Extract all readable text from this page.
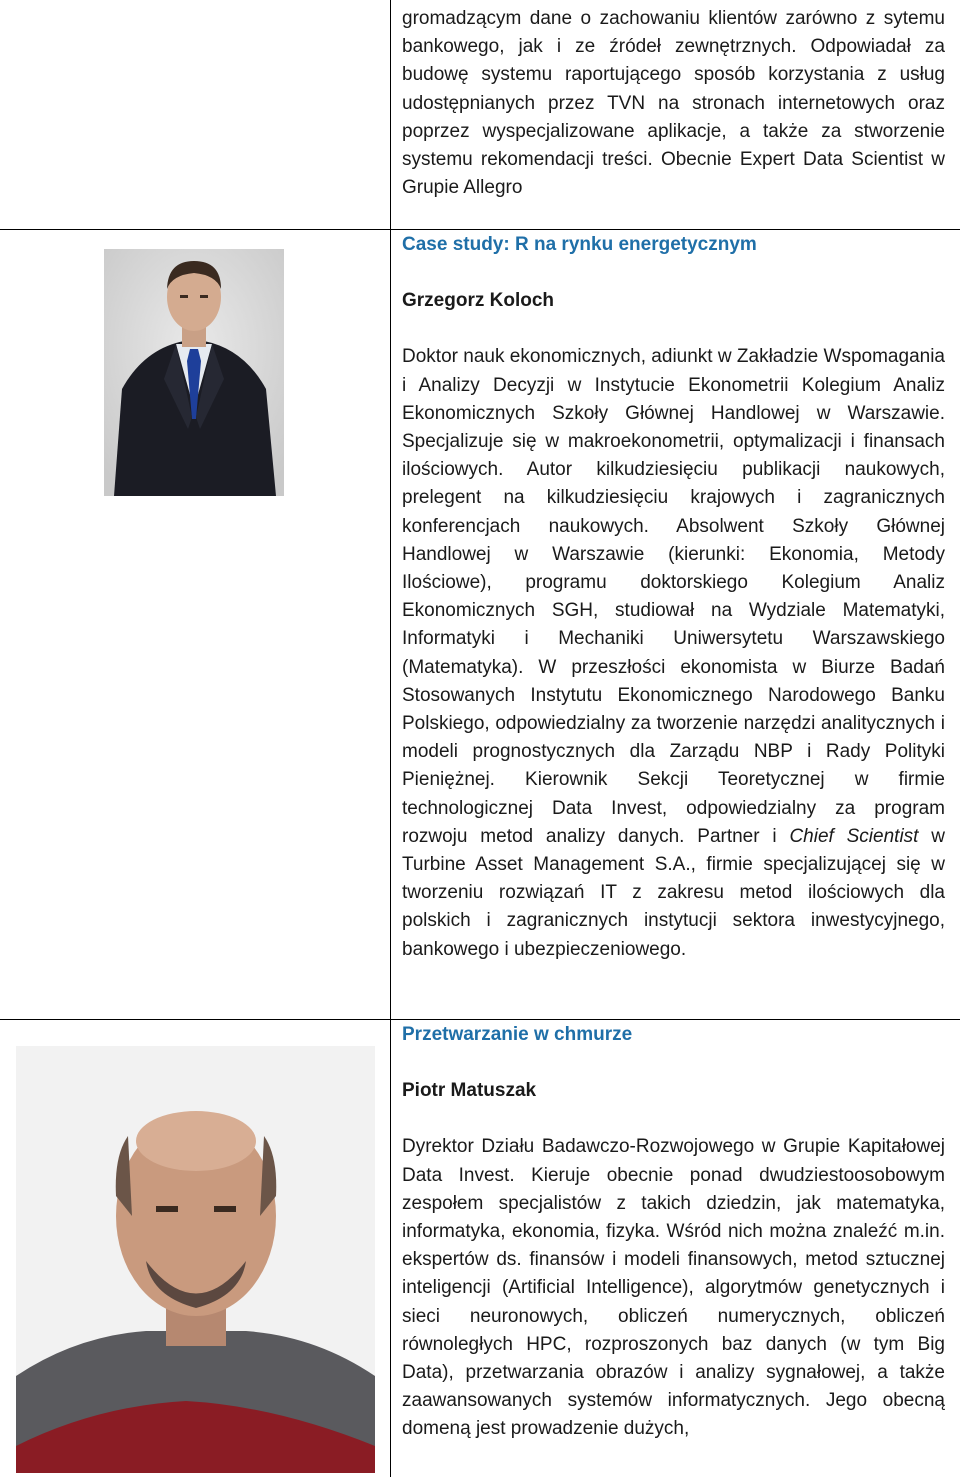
gromadzącym dane o zachowaniu klientów zarówno z sytemu bankowego, jak i ze źródeł zewnętrznych. Odpowiadał za budowę systemu raportującego sposób korzystania z usług udostępnianych przez TVN na stronach internetowych oraz poprzez wyspecjalizowane aplikacje, a także za stworzenie systemu rekomendacji treści. Obecnie Expert Data Scientist w Grupie Allegro

Case study: R na rynku energetycznym

Grzegorz Koloch

Doktor nauk ekonomicznych, adiunkt w Zakładzie Wspomagania i Analizy Decyzji w Instytucie Ekonometrii Kolegium Analiz Ekonomicznych Szkoły Głównej Handlowej w Warszawie. Specjalizuje się w makroekonometrii, optymalizacji i finansach ilościowych. Autor kilkudziesięciu publikacji naukowych, prelegent na kilkudziesięciu krajowych i zagranicznych konferencjach naukowych. Absolwent Szkoły Głównej Handlowej w Warszawie (kierunki: Ekonomia, Metody Ilościowe), programu doktorskiego Kolegium Analiz Ekonomicznych SGH, studiował na Wydziale Matematyki, Informatyki i Mechaniki Uniwersytetu Warszawskiego (Matematyka). W przeszłości ekonomista w Biurze Badań Stosowanych Instytutu Ekonomicznego Narodowego Banku Polskiego, odpowiedzialny za tworzenie narzędzi analitycznych i modeli prognostycznych dla Zarządu NBP i Rady Polityki Pieniężnej. Kierownik Sekcji Teoretycznej w firmie technologicznej Data Invest, odpowiedzialny za program rozwoju metod analizy danych. Partner i Chief Scientist w Turbine Asset Management S.A., firmie specjalizującej się w tworzeniu rozwiązań IT z zakresu metod ilościowych dla polskich i zagranicznych instytucji sektora inwestycyjnego, bankowego i ubezpieczeniowego.

Przetwarzanie w chmurze

Piotr Matuszak

Dyrektor Działu Badawczo-Rozwojowego w Grupie Kapitałowej Data Invest. Kieruje obecnie ponad dwudziestoosobowym zespołem specjalistów z takich dziedzin, jak matematyka, informatyka, ekonomia, fizyka. Wśród nich można znaleźć m.in. ekspertów ds. finansów i modeli finansowych, metod sztucznej inteligencji (Artificial Intelligence), algorytmów genetycznych i sieci neuronowych, obliczeń numerycznych, obliczeń równoległych HPC, rozproszonych baz danych (w tym Big Data), przetwarzania obrazów i analizy sygnałowej, a także zaawansowanych systemów informatycznych. Jego obecną domeną jest prowadzenie dużych,
